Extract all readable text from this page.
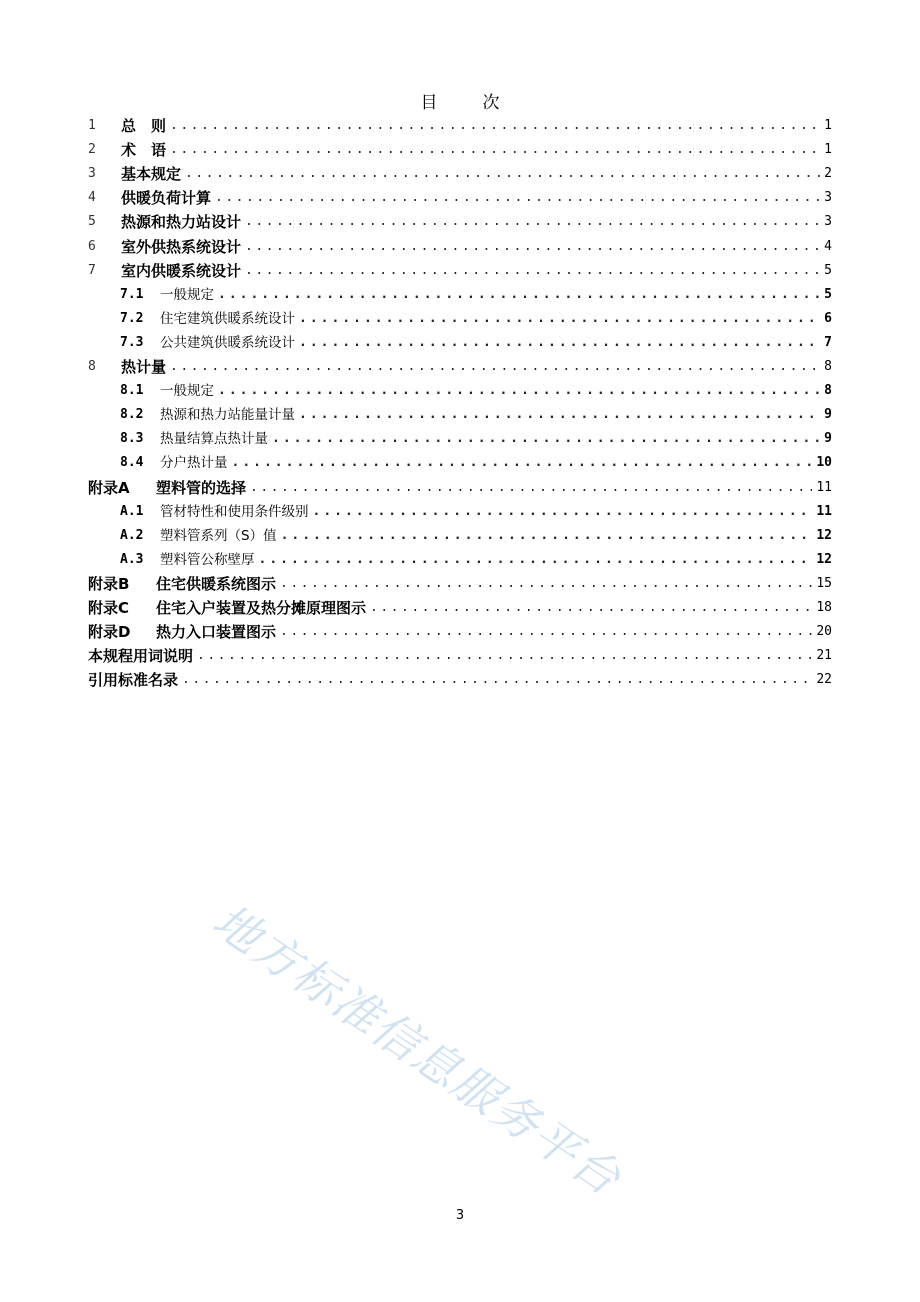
目　次
1	总　则 .....	1
2	术　语 .....	1
3	基本规定 .....	2
4	供暖负荷计算 .....	3
5	热源和热力站设计 .....	3
6	室外供热系统设计 .....	4
7	室内供暖系统设计 .....	5
7.1	一般规定 .....	5
7.2	住宅建筑供暖系统设计 .....	6
7.3	公共建筑供暖系统设计 .....	7
8	热计量 .....	8
8.1	一般规定 .....	8
8.2	热源和热力站能量计量 .....	9
8.3	热量结算点热计量 .....	9
8.4	分户热计量 .....	10
附录A	塑料管的选择 .....	11
A.1	管材特性和使用条件级别 .....	11
A.2	塑料管系列（S）值 .....	12
A.3	塑料管公称壁厚 .....	12
附录B	住宅供暖系统图示 .....	15
附录C	住宅入户装置及热分摊原理图示 .....	18
附录D	热力入口装置图示 .....	20
本规程用词说明 .....	21
引用标准名录 .....	22
地方标准信息服务平台
3
